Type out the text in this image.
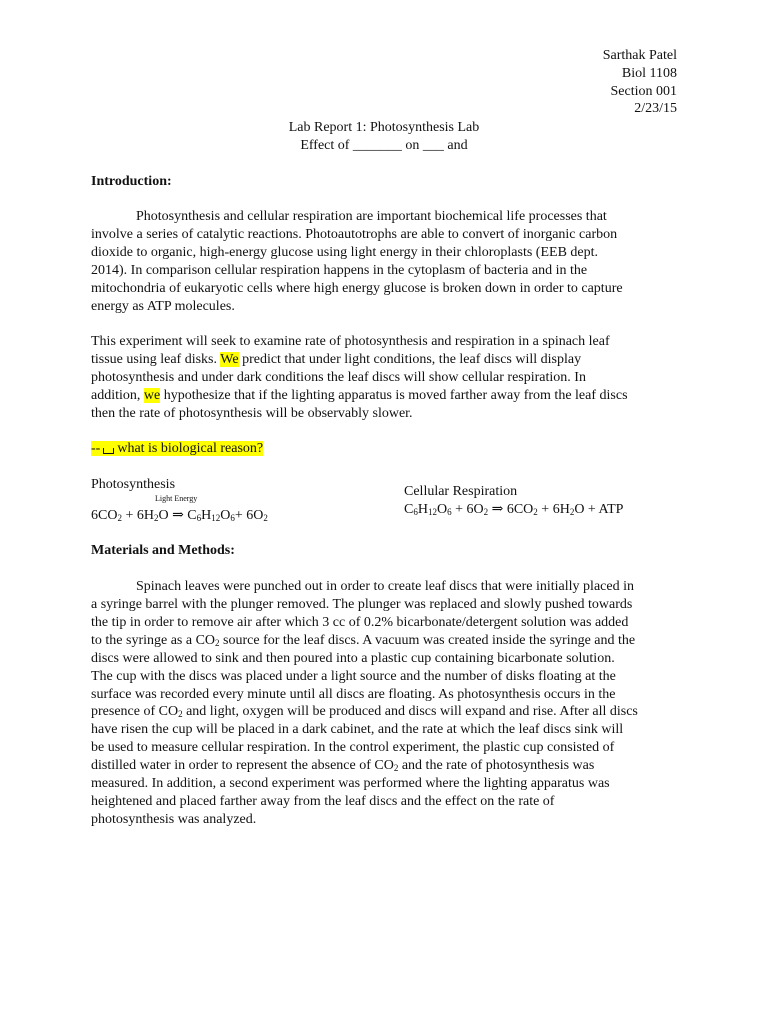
Sarthak Patel
Biol 1108
Section 001
2/23/15
Lab Report 1: Photosynthesis Lab
Effect of _______ on ___ and
Introduction:
Photosynthesis and cellular respiration are important biochemical life processes that
involve a series of catalytic reactions. Photoautotrophs are able to convert of inorganic carbon
dioxide to organic, high-energy glucose using light energy in their chloroplasts (EEB dept.
2014). In comparison cellular respiration happens in the cytoplasm of bacteria and in the
mitochondria of eukaryotic cells where high energy glucose is broken down in order to capture
energy as ATP molecules.
This experiment will seek to examine rate of photosynthesis and respiration in a spinach leaf
tissue using leaf disks. We predict that under light conditions, the leaf discs will display
photosynthesis and under dark conditions the leaf discs will show cellular respiration. In
addition, we hypothesize that if the lighting apparatus is moved farther away from the leaf discs
then the rate of photosynthesis will be observably slower.
-- what is biological reason?
Photosynthesis
Light Energy
$6CO_2 + 6H_2O$ ⇒ $C_6H_{12}O_6+ 6O_2$
Cellular Respiration
$C_6H_{12}O_6 + 6O_2$ ⇒ $6CO_2 + 6H_2O$ + ATP
Materials and Methods:
Spinach leaves were punched out in order to create leaf discs that were initially placed in
a syringe barrel with the plunger removed. The plunger was replaced and slowly pushed towards
the tip in order to remove air after which 3 cc of 0.2% bicarbonate/detergent solution was added
to the syringe as a $CO_2$ source for the leaf discs. A vacuum was created inside the syringe and the
discs were allowed to sink and then poured into a plastic cup containing bicarbonate solution.
The cup with the discs was placed under a light source and the number of disks floating at the
surface was recorded every minute until all discs are floating. As photosynthesis occurs in the
presence of $CO_2$ and light, oxygen will be produced and discs will expand and rise. After all discs
have risen the cup will be placed in a dark cabinet, and the rate at which the leaf discs sink will
be used to measure cellular respiration. In the control experiment, the plastic cup consisted of
distilled water in order to represent the absence of $CO_2$ and the rate of photosynthesis was
measured. In addition, a second experiment was performed where the lighting apparatus was
heightened and placed farther away from the leaf discs and the effect on the rate of
photosynthesis was analyzed.
